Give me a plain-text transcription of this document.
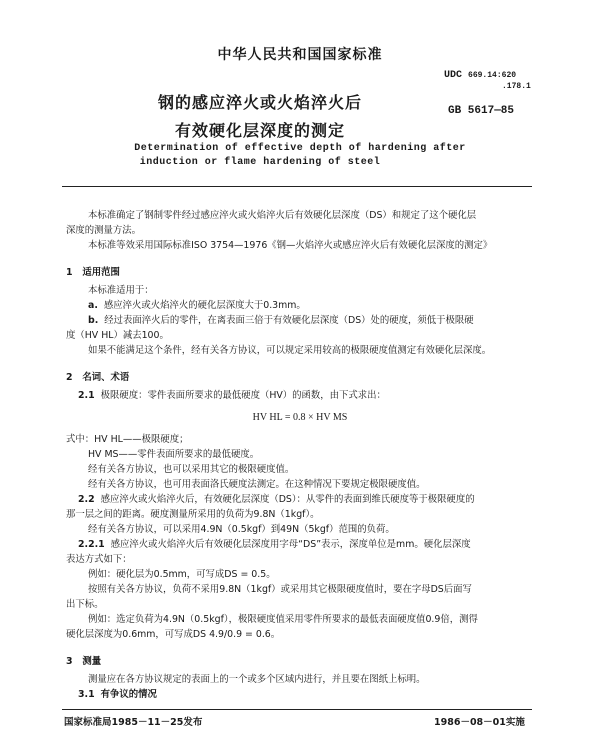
中华人民共和国国家标准
UDC 669.14:620
.178.1
钢的感应淬火或火焰淬火后	GB 5617—85
有效硬化层深度的测定
Determination of effective depth of hardening after
induction or flame hardening of steel
本标准确定了钢制零件经过感应淬火或火焰淬火后有效硬化层深度（DS）和规定了这个硬化层
深度的测量方法。
本标准等效采用国际标准ISO 3754—1976《钢—火焰淬火或感应淬火后有效硬化层深度的测定》
1 适用范围
本标准适用于：
a. 感应淬火或火焰淬火的硬化层深度大于0.3mm。
b. 经过表面淬火后的零件，在离表面三倍于有效硬化层深度（DS）处的硬度，须低于极限硬
度（HV HL）减去100。
如果不能满足这个条件，经有关各方协议，可以规定采用较高的极限硬度值测定有效硬化层深度。
2 名词、术语
2.1 极限硬度：零件表面所要求的最低硬度（HV）的函数，由下式求出：
HV HL = 0.8 × HV MS
式中：HV HL——极限硬度；
HV MS——零件表面所要求的最低硬度。
经有关各方协议，也可以采用其它的极限硬度值。
经有关各方协议，也可用表面洛氏硬度法测定。在这种情况下要规定极限硬度值。
2.2 感应淬火或火焰淬火后，有效硬化层深度（DS）：从零件的表面到维氏硬度等于极限硬度的
那一层之间的距离。硬度测量所采用的负荷为9.8N（1kgf）。
经有关各方协议，可以采用4.9N（0.5kgf）到49N（5kgf）范围的负荷。
2.2.1 感应淬火或火焰淬火后有效硬化层深度用字母“DS”表示，深度单位是mm。硬化层深度
表达方式如下：
例如：硬化层为0.5mm，可写成DS = 0.5。
按照有关各方协议，负荷不采用9.8N（1kgf）或采用其它极限硬度值时，要在字母DS后面写
出下标。
例如：选定负荷为4.9N（0.5kgf），极限硬度值采用零件所要求的最低表面硬度值0.9倍，测得
硬化层深度为0.6mm，可写成DS 4.9/0.9 = 0.6。
3 测量
测量应在各方协议规定的表面上的一个或多个区域内进行，并且要在图纸上标明。
3.1 有争议的情况
国家标准局1985－11－25发布	1986－08－01实施
